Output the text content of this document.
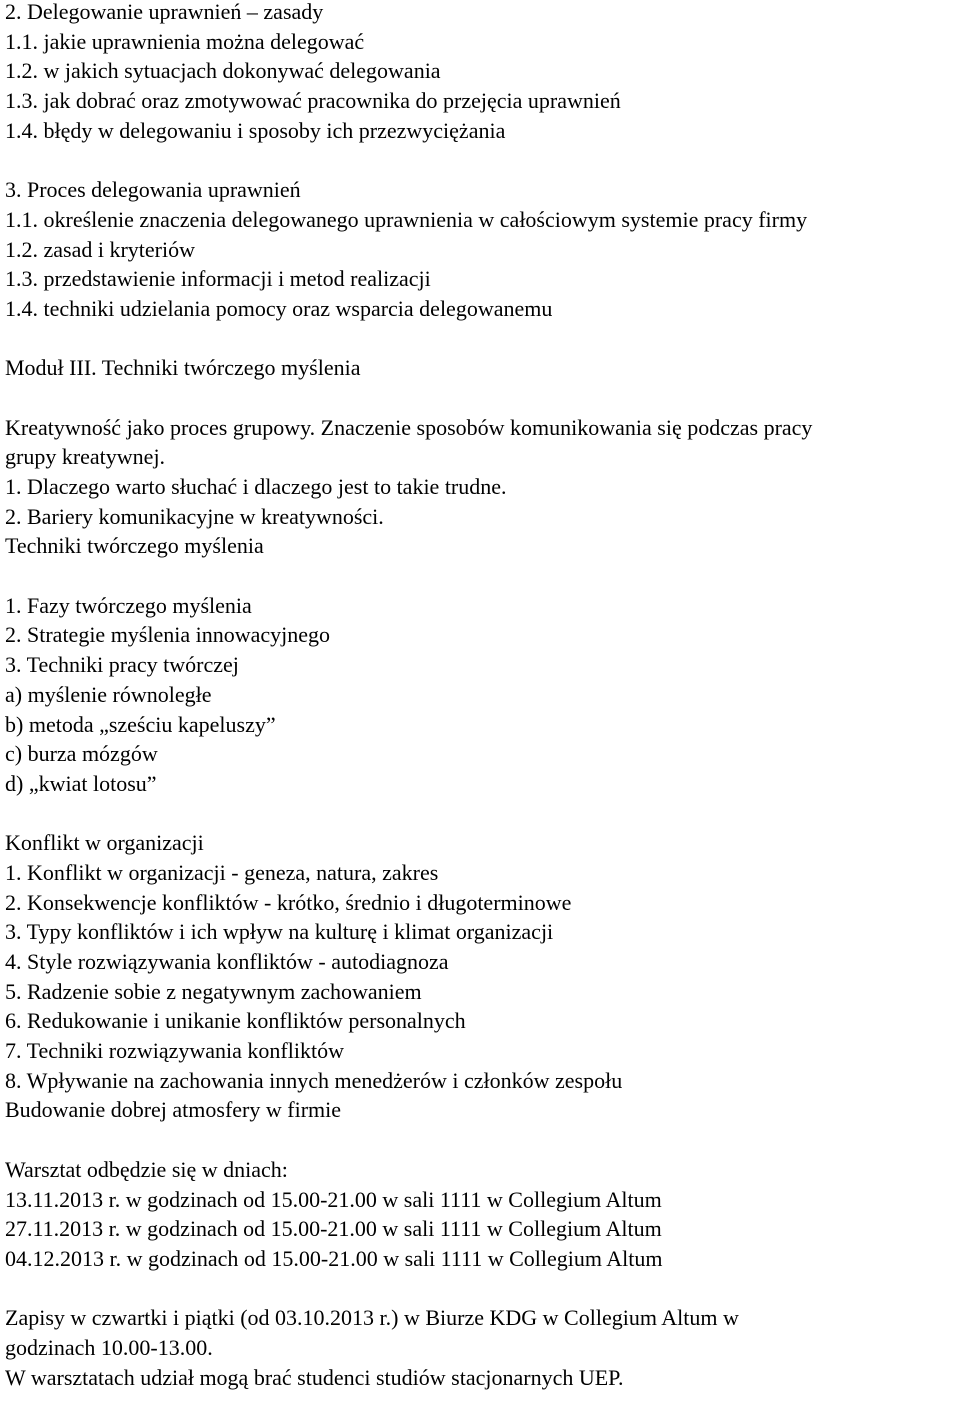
2. Delegowanie uprawnień – zasady
1.1. jakie uprawnienia można delegować
1.2. w jakich sytuacjach dokonywać delegowania
1.3. jak dobrać oraz zmotywować pracownika do przejęcia uprawnień
1.4. błędy w delegowaniu i sposoby ich przezwyciężania
3. Proces delegowania uprawnień
1.1. określenie znaczenia delegowanego uprawnienia w całościowym systemie pracy firmy
1.2. zasad i kryteriów
1.3. przedstawienie informacji i metod realizacji
1.4. techniki udzielania pomocy oraz wsparcia delegowanemu
Moduł III. Techniki twórczego myślenia
Kreatywność jako proces grupowy. Znaczenie sposobów komunikowania się podczas pracy
grupy kreatywnej.
1. Dlaczego warto słuchać i dlaczego jest to takie trudne.
2. Bariery komunikacyjne w kreatywności.
Techniki twórczego myślenia
1. Fazy twórczego myślenia
2. Strategie myślenia innowacyjnego
3. Techniki pracy twórczej
a) myślenie równoległe
b) metoda „sześciu kapeluszy”
c) burza mózgów
d) „kwiat lotosu”
Konflikt w organizacji
1. Konflikt w organizacji - geneza, natura, zakres
2. Konsekwencje konfliktów - krótko, średnio i długoterminowe
3. Typy konfliktów i ich wpływ na kulturę i klimat organizacji
4. Style rozwiązywania konfliktów - autodiagnoza
5. Radzenie sobie z negatywnym zachowaniem
6. Redukowanie i unikanie konfliktów personalnych
7. Techniki rozwiązywania konfliktów
8. Wpływanie na zachowania innych menedżerów i członków zespołu
Budowanie dobrej atmosfery w firmie
Warsztat odbędzie się w dniach:
13.11.2013 r. w godzinach od 15.00-21.00 w sali 1111 w Collegium Altum
27.11.2013 r. w godzinach od 15.00-21.00 w sali 1111 w Collegium Altum
04.12.2013 r. w godzinach od 15.00-21.00 w sali 1111 w Collegium Altum
Zapisy w czwartki i piątki (od 03.10.2013 r.) w Biurze KDG w Collegium Altum w
godzinach 10.00-13.00.
W warsztatach udział mogą brać studenci studiów stacjonarnych UEP.
